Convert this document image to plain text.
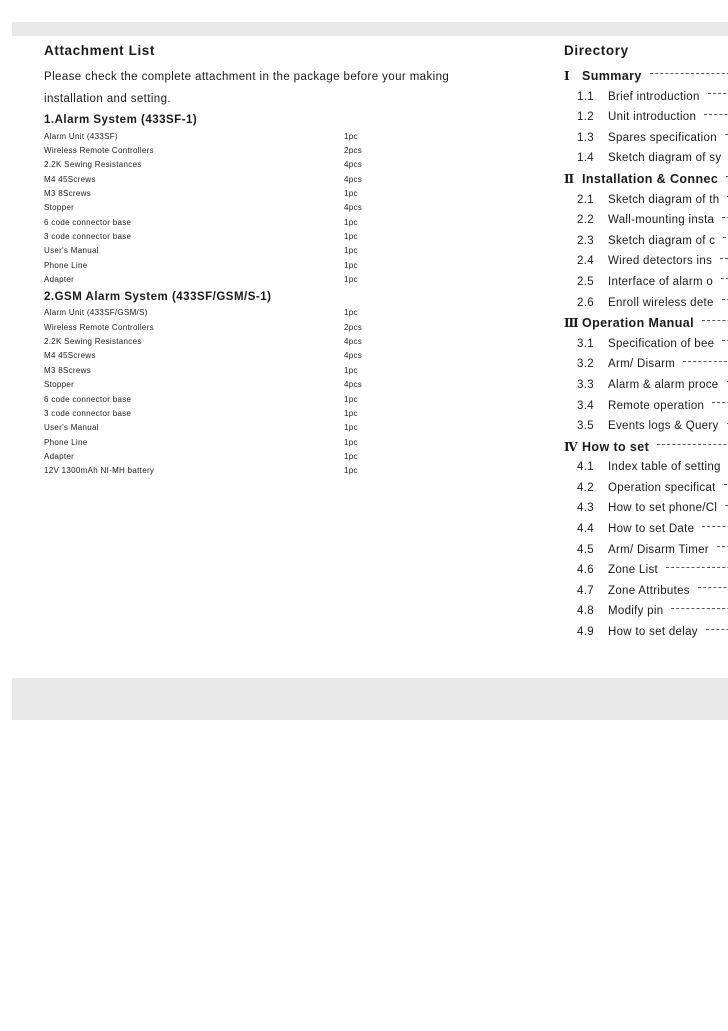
Attachment List
Please check the complete attachment in the package before your making installation and setting.
1.Alarm System (433SF-1)
Alarm Unit (433SF)	1pc
Wireless Remote Controllers	2pcs
2.2K Sewing Resistances	4pcs
M4 45Screws	4pcs
M3 8Screws	1pc
Stopper	4pcs
6 code connector base	1pc
3 code connector base	1pc
User's Manual	1pc
Phone Line	1pc
Adapter	1pc
2.GSM Alarm System (433SF/GSM/S-1)
Alarm Unit (433SF/GSM/S)	1pc
Wireless Remote Controllers	2pcs
2.2K Sewing Resistances	4pcs
M4 45Screws	4pcs
M3 8Screws	1pc
Stopper	4pcs
6 code connector base	1pc
3 code connector base	1pc
User's Manual	1pc
Phone Line	1pc
Adapter	1pc
12V 1300mAh NI-MH battery	1pc
Directory
Ⅰ Summary
1.1 Brief introduction
1.2 Unit introduction
1.3 Spares specification
1.4 Sketch diagram of sy
Ⅱ Installation & Connec
2.1 Sketch diagram of th
2.2 Wall-mounting insta
2.3 Sketch diagram of c
2.4 Wired detectors ins
2.5 Interface of alarm o
2.6 Enroll wireless dete
Ⅲ Operation Manual
3.1 Specification of bee
3.2 Arm/ Disarm
3.3 Alarm & alarm proce
3.4 Remote operation
3.5 Events logs & Query
Ⅳ How to set
4.1 Index table of setting
4.2 Operation specificat
4.3 How to set phone/Cl
4.4 How to set Date
4.5 Arm/ Disarm Timer
4.6 Zone List
4.7 Zone Attributes
4.8 Modify pin
4.9 How to set delay
